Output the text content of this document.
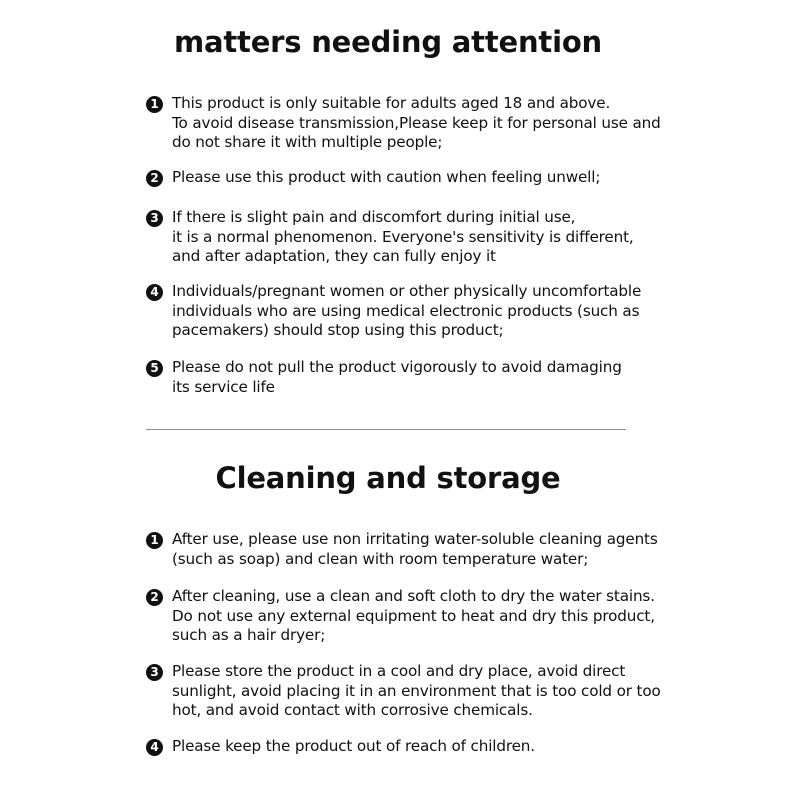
matters needing attention
1 This product is only suitable for adults aged 18 and above.
To avoid disease transmission,Please keep it for personal use and
do not share it with multiple people;
2 Please use this product with caution when feeling unwell;
3 If there is slight pain and discomfort during initial use,
it is a normal phenomenon. Everyone's sensitivity is different,
and after adaptation, they can fully enjoy it
4 Individuals/pregnant women or other physically uncomfortable
individuals who are using medical electronic products (such as
pacemakers) should stop using this product;
5 Please do not pull the product vigorously to avoid damaging
its service life
Cleaning and storage
1 After use, please use non irritating water-soluble cleaning agents
(such as soap) and clean with room temperature water;
2 After cleaning, use a clean and soft cloth to dry the water stains.
Do not use any external equipment to heat and dry this product,
such as a hair dryer;
3 Please store the product in a cool and dry place, avoid direct
sunlight, avoid placing it in an environment that is too cold or too
hot, and avoid contact with corrosive chemicals.
4 Please keep the product out of reach of children.
